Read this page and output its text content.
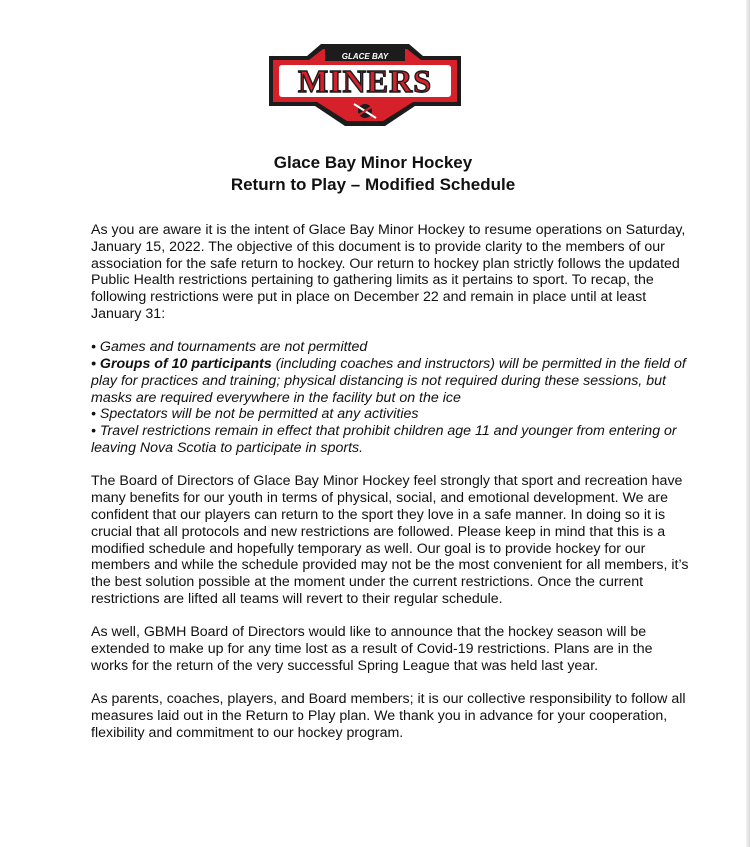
GLACE BAY
MINERS
Glace Bay Minor Hockey
Return to Play – Modified Schedule

As you are aware it is the intent of Glace Bay Minor Hockey to resume operations on Saturday, January 15, 2022. The objective of this document is to provide clarity to the members of our association for the safe return to hockey. Our return to hockey plan strictly follows the updated Public Health restrictions pertaining to gathering limits as it pertains to sport. To recap, the following restrictions were put in place on December 22 and remain in place until at least January 31:

• Games and tournaments are not permitted
• Groups of 10 participants (including coaches and instructors) will be permitted in the field of play for practices and training; physical distancing is not required during these sessions, but masks are required everywhere in the facility but on the ice
• Spectators will be not be permitted at any activities
• Travel restrictions remain in effect that prohibit children age 11 and younger from entering or leaving Nova Scotia to participate in sports.

The Board of Directors of Glace Bay Minor Hockey feel strongly that sport and recreation have many benefits for our youth in terms of physical, social, and emotional development. We are confident that our players can return to the sport they love in a safe manner. In doing so it is crucial that all protocols and new restrictions are followed. Please keep in mind that this is a modified schedule and hopefully temporary as well. Our goal is to provide hockey for our members and while the schedule provided may not be the most convenient for all members, it’s the best solution possible at the moment under the current restrictions. Once the current restrictions are lifted all teams will revert to their regular schedule.

As well, GBMH Board of Directors would like to announce that the hockey season will be extended to make up for any time lost as a result of Covid-19 restrictions. Plans are in the works for the return of the very successful Spring League that was held last year.

As parents, coaches, players, and Board members; it is our collective responsibility to follow all measures laid out in the Return to Play plan. We thank you in advance for your cooperation, flexibility and commitment to our hockey program.
